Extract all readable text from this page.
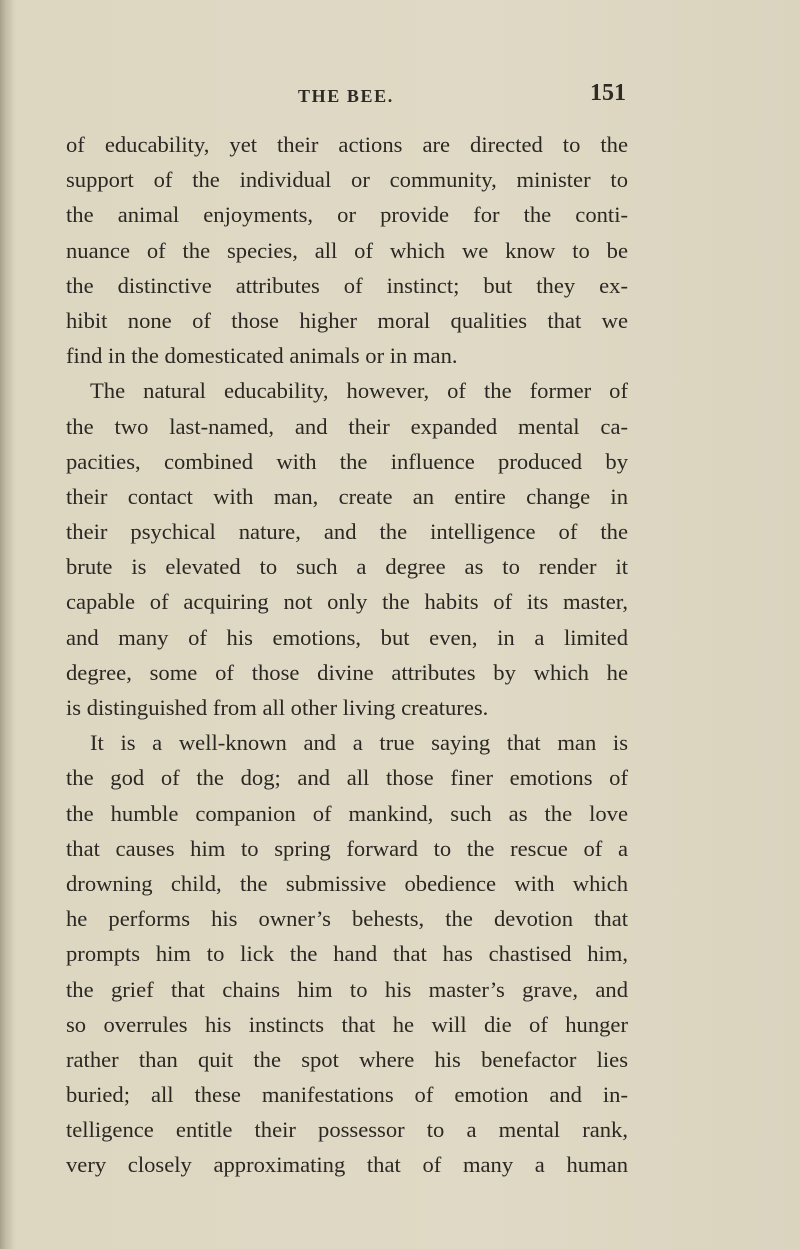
THE BEE.	151
of educability, yet their actions are directed to the
support of the individual or community, minister to
the animal enjoyments, or provide for the conti-
nuance of the species, all of which we know to be
the distinctive attributes of instinct; but they ex-
hibit none of those higher moral qualities that we
find in the domesticated animals or in man.
The natural educability, however, of the former of
the two last-named, and their expanded mental ca-
pacities, combined with the influence produced by
their contact with man, create an entire change in
their psychical nature, and the intelligence of the
brute is elevated to such a degree as to render it
capable of acquiring not only the habits of its master,
and many of his emotions, but even, in a limited
degree, some of those divine attributes by which he
is distinguished from all other living creatures.
It is a well-known and a true saying that man is
the god of the dog; and all those finer emotions of
the humble companion of mankind, such as the love
that causes him to spring forward to the rescue of a
drowning child, the submissive obedience with which
he performs his owner’s behests, the devotion that
prompts him to lick the hand that has chastised him,
the grief that chains him to his master’s grave, and
so overrules his instincts that he will die of hunger
rather than quit the spot where his benefactor lies
buried; all these manifestations of emotion and in-
telligence entitle their possessor to a mental rank,
very closely approximating that of many a human
